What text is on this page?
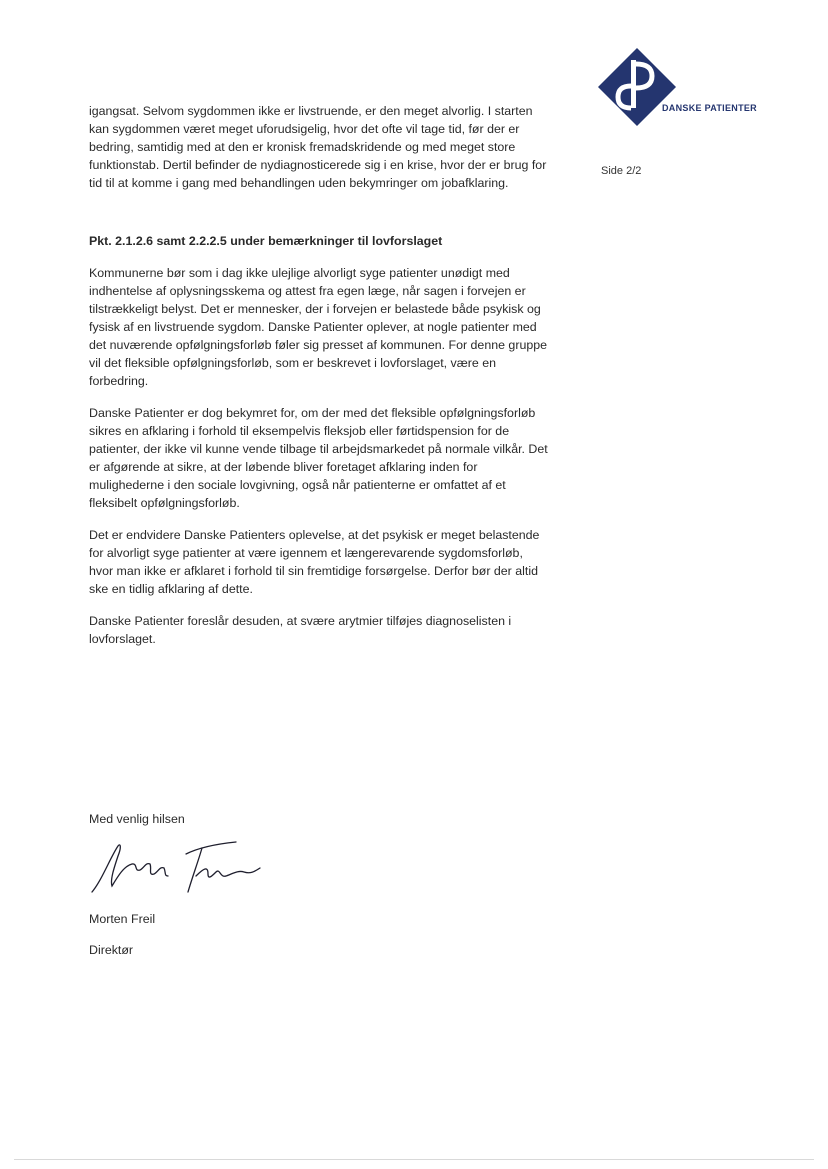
DANSKE PATIENTER
Side 2/2

igangsat. Selvom sygdommen ikke er livstruende, er den meget alvorlig. I starten kan sygdommen været meget uforudsigelig, hvor det ofte vil tage tid, før der er bedring, samtidig med at den er kronisk fremadskridende og med meget store funktionstab. Dertil befinder de nydiagnosticerede sig i en krise, hvor der er brug for tid til at komme i gang med behandlingen uden bekymringer om jobafklaring.

Pkt. 2.1.2.6 samt 2.2.2.5 under bemærkninger til lovforslaget

Kommunerne bør som i dag ikke ulejlige alvorligt syge patienter unødigt med indhentelse af oplysningsskema og attest fra egen læge, når sagen i forvejen er tilstrækkeligt belyst. Det er mennesker, der i forvejen er belastede både psykisk og fysisk af en livstruende sygdom. Danske Patienter oplever, at nogle patienter med det nuværende opfølgningsforløb føler sig presset af kommunen. For denne gruppe vil det fleksible opfølgningsforløb, som er beskrevet i lovforslaget, være en forbedring.

Danske Patienter er dog bekymret for, om der med det fleksible opfølgningsforløb sikres en afklaring i forhold til eksempelvis fleksjob eller førtidspension for de patienter, der ikke vil kunne vende tilbage til arbejdsmarkedet på normale vilkår. Det er afgørende at sikre, at der løbende bliver foretaget afklaring inden for mulighederne i den sociale lovgivning, også når patienterne er omfattet af et fleksibelt opfølgningsforløb.

Det er endvidere Danske Patienters oplevelse, at det psykisk er meget belastende for alvorligt syge patienter at være igennem et længerevarende sygdomsforløb, hvor man ikke er afklaret i forhold til sin fremtidige forsørgelse. Derfor bør der altid ske en tidlig afklaring af dette.

Danske Patienter foreslår desuden, at svære arytmier tilføjes diagnoselisten i lovforslaget.

Med venlig hilsen
Morten Freil
Direktør
